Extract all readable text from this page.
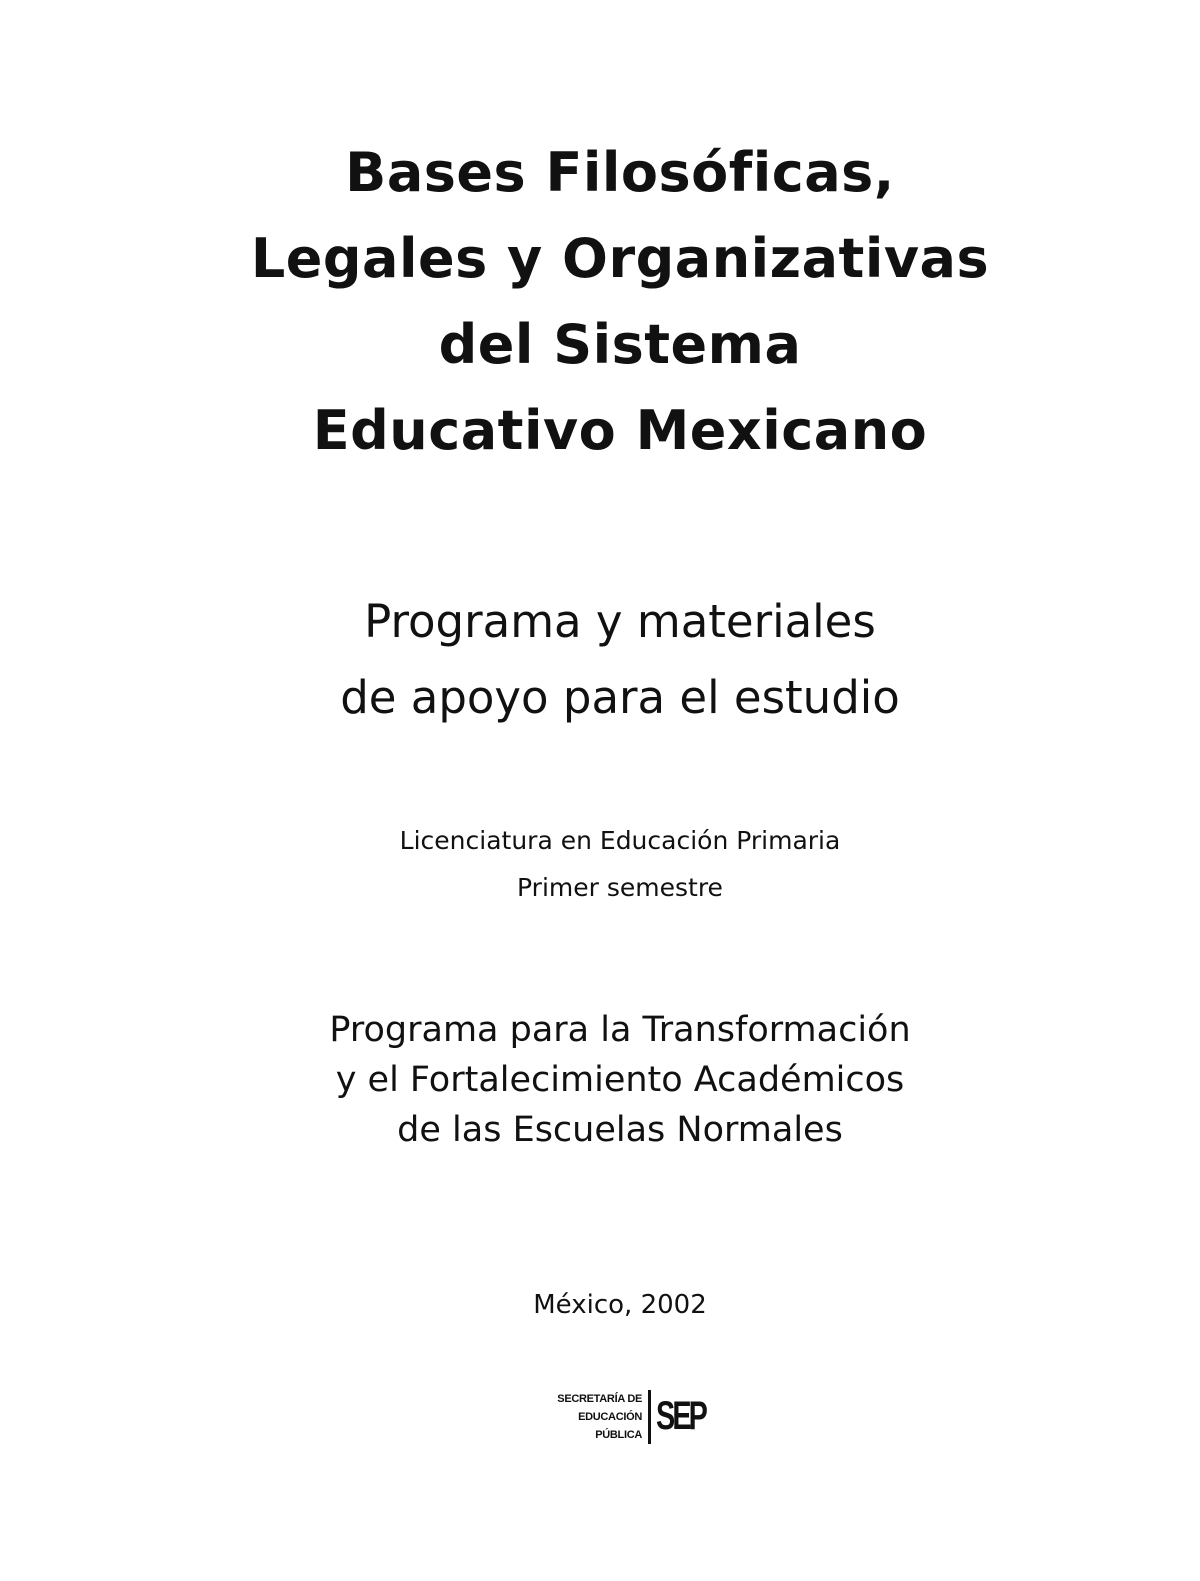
Bases Filosóficas,
Legales y Organizativas
del Sistema
Educativo Mexicano
Programa y materiales
de apoyo para el estudio
Licenciatura en Educación Primaria
Primer semestre
Programa para la Transformación
y el Fortalecimiento Académicos
de las Escuelas Normales
México, 2002
SECRETARÍA DE
EDUCACIÓN
PÚBLICA SEP
